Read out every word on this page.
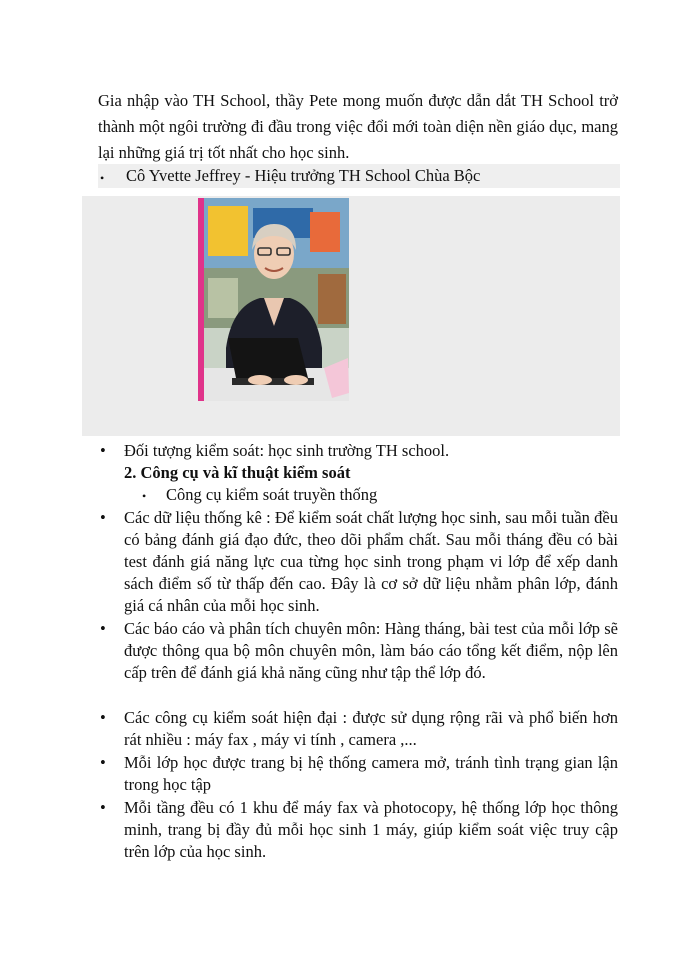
Gia nhập vào TH School, thầy Pete mong muốn được dẫn dắt TH School trở thành một ngôi trường đi đầu trong việc đổi mới toàn diện nền giáo dục, mang lại những giá trị tốt nhất cho học sinh.
•	Cô Yvette Jeffrey - Hiệu trưởng TH School Chùa Bộc
•	Đối tượng kiểm soát: học sinh trường TH school.
2. Công cụ và kĩ thuật kiểm soát
•	Công cụ kiểm soát truyền thống
•	Các dữ liệu thống kê : Để kiểm soát chất lượng học sinh, sau mỗi tuần đều có bảng đánh giá đạo đức, theo dõi phẩm chất. Sau mỗi tháng đều có bài test đánh giá năng lực cua từng học sinh trong phạm vi lớp để xếp danh sách điểm số từ thấp đến cao. Đây là cơ sở dữ liệu nhằm phân lớp, đánh giá cá nhân của mỗi học sinh.
•	Các báo cáo và phân tích chuyên môn: Hàng tháng, bài test của mỗi lớp sẽ được thông qua bộ môn chuyên môn, làm báo cáo tổng kết điểm, nộp lên cấp trên để đánh giá khả năng cũng như tập thể lớp đó.
•	Các công cụ kiểm soát hiện đại : được sử dụng rộng rãi và phổ biến hơn rát nhiều : máy fax , máy vi tính , camera ,...
•	Mỗi lớp học được trang bị hệ thống camera mở, tránh tình trạng gian lận trong học tập
•	Mỗi tầng đều có 1 khu để máy fax và photocopy, hệ thống lớp học thông minh, trang bị đầy đủ mỗi học sinh 1 máy, giúp kiểm soát việc truy cập trên lớp của học sinh.
